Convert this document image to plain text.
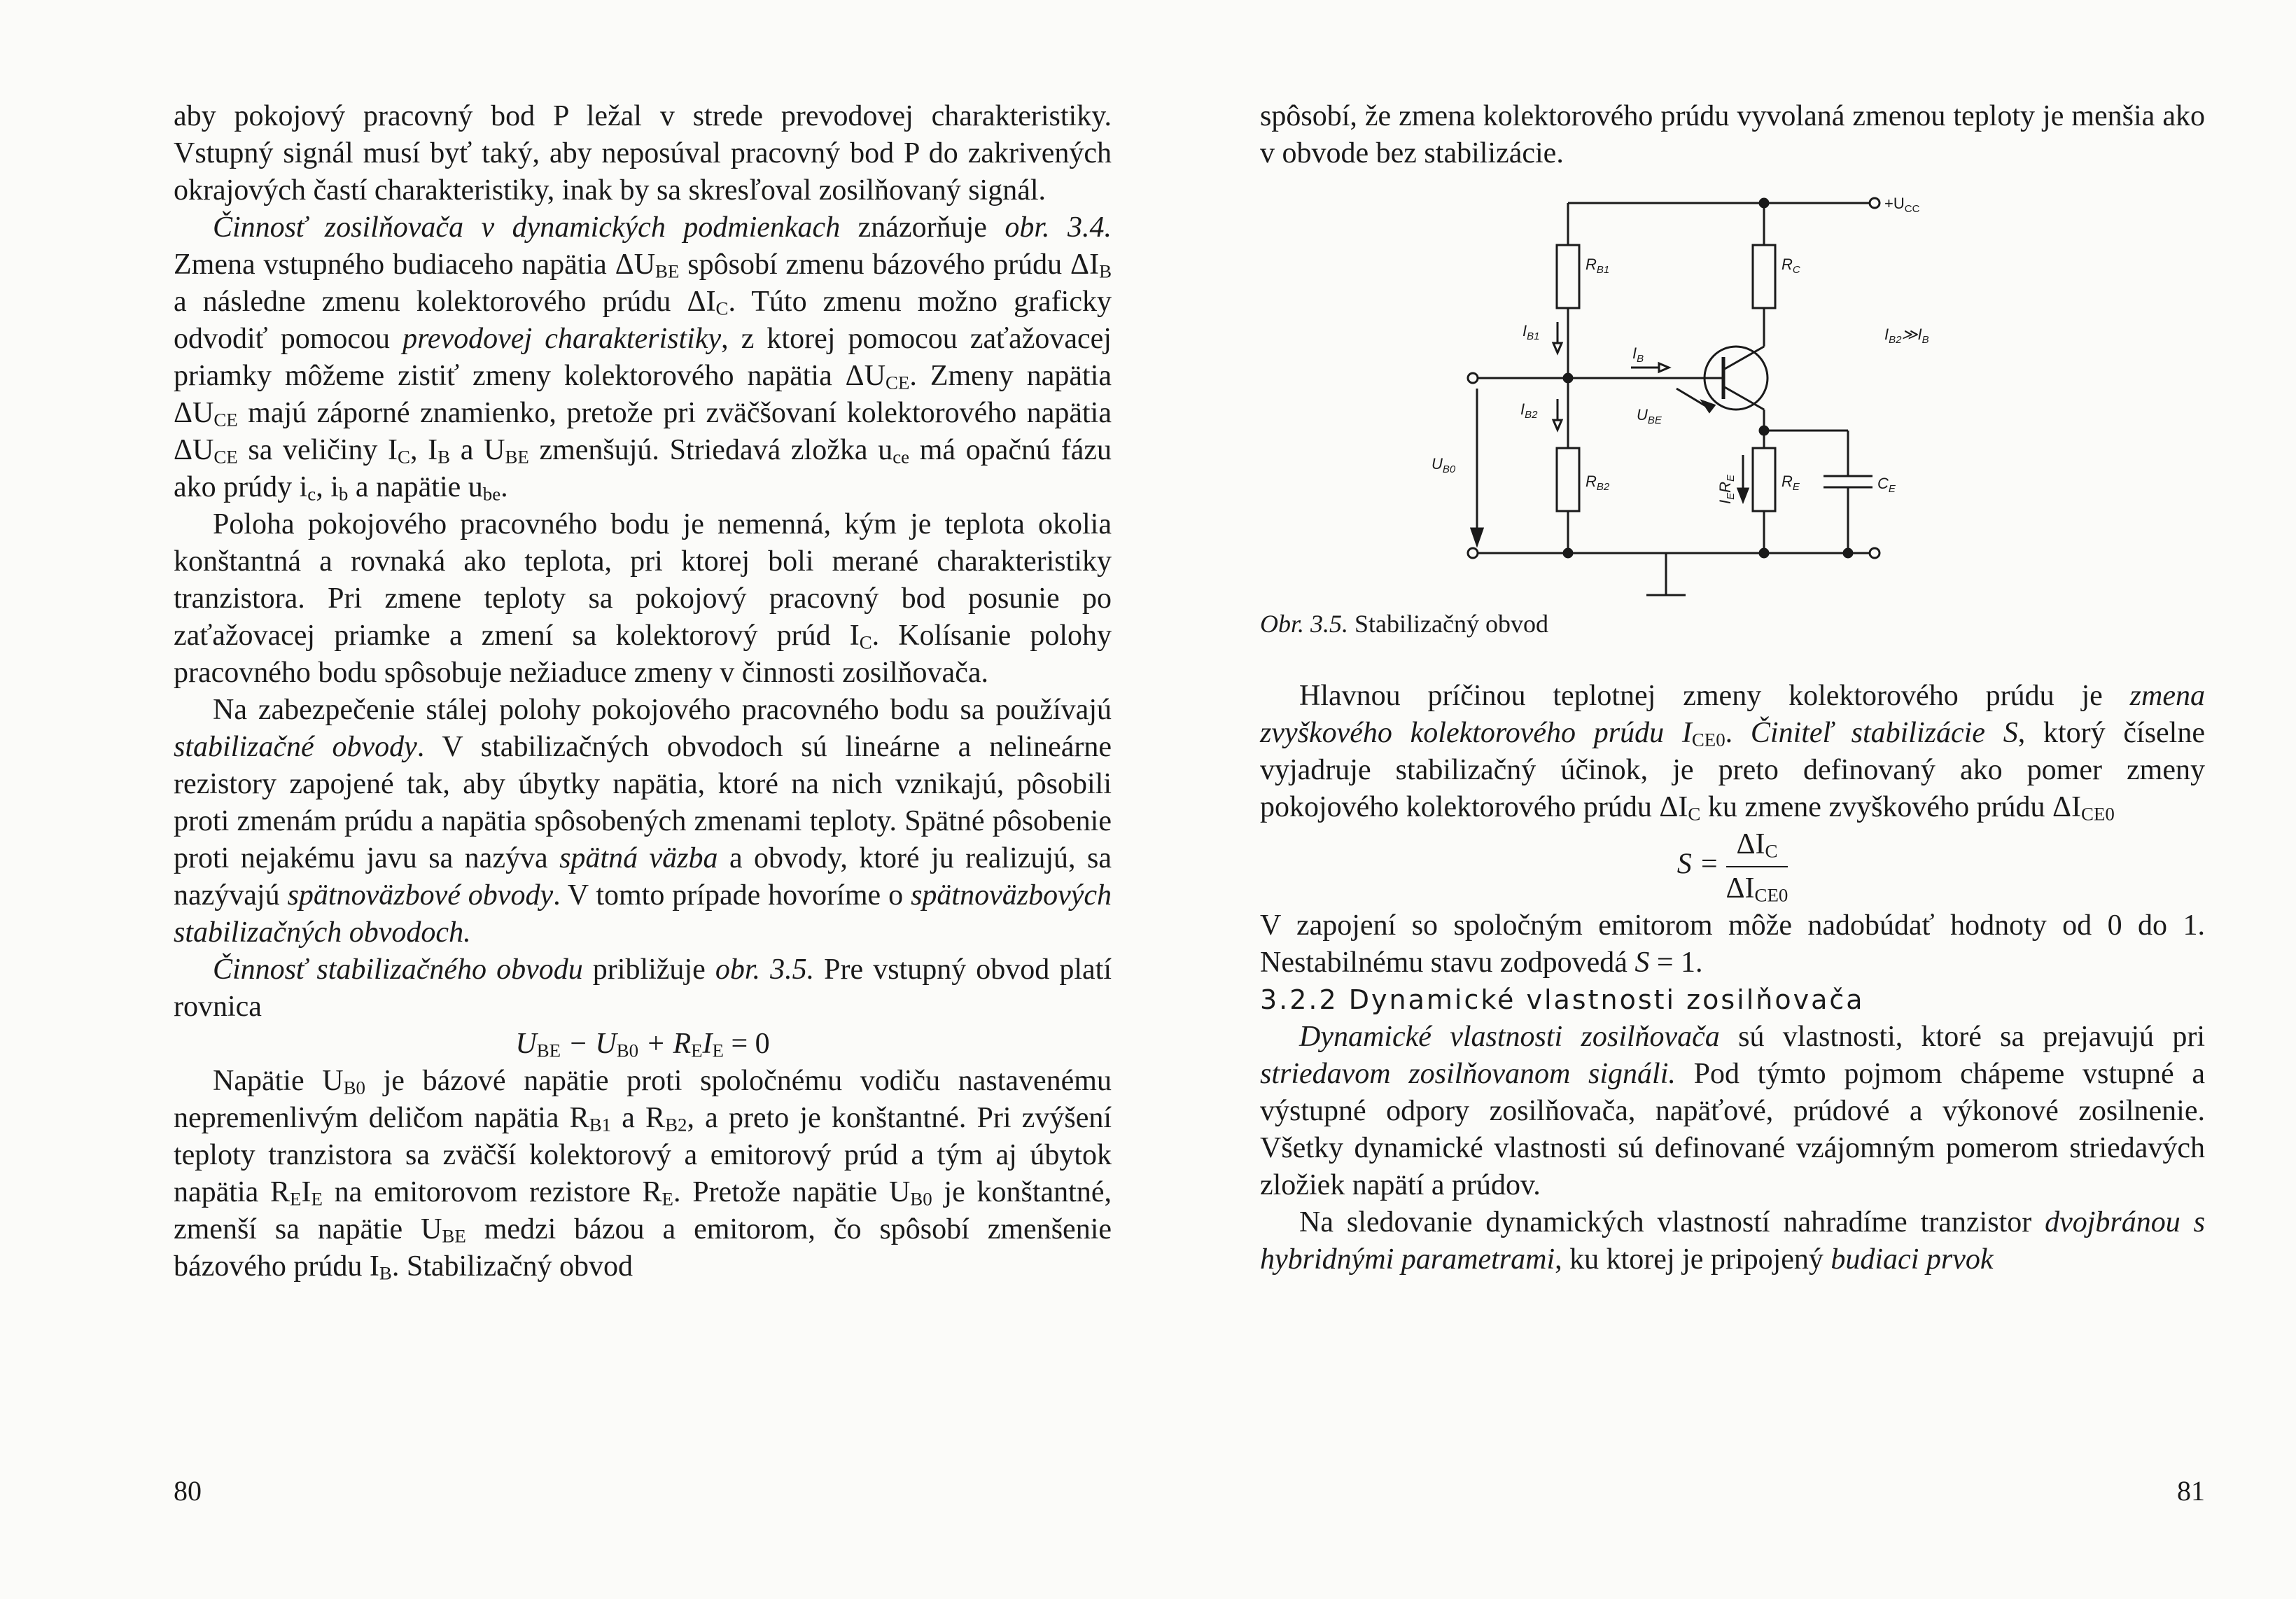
aby pokojový pracovný bod P ležal v strede prevodovej charakteristiky. Vstupný signál musí byť taký, aby neposúval pracovný bod P do zakrivených okrajových častí charakteristiky, inak by sa skresľoval zosilňovaný signál.

Činnosť zosilňovača v dynamických podmienkach znázorňuje obr. 3.4. Zmena vstupného budiaceho napätia $\Delta U_{BE}$ spôsobí zmenu bázového prúdu $\Delta I_B$ a následne zmenu kolektorového prúdu $\Delta I_C$. Túto zmenu možno graficky odvodiť pomocou prevodovej charakteristiky, z ktorej pomocou zaťažovacej priamky môžeme zistiť zmeny kolektorového napätia $\Delta U_{CE}$. Zmeny napätia $\Delta U_{CE}$ majú záporné znamienko, pretože pri zväčšovaní kolektorového napätia $\Delta U_{CE}$ sa veličiny $I_C$, $I_B$ a $U_{BE}$ zmenšujú. Striedavá zložka $u_{ce}$ má opačnú fázu ako prúdy $i_c$, $i_b$ a napätie $u_{be}$.

Poloha pokojového pracovného bodu je nemenná, kým je teplota okolia konštantná a rovnaká ako teplota, pri ktorej boli merané charakteristiky tranzistora. Pri zmene teploty sa pokojový pracovný bod posunie po zaťažovacej priamke a zmení sa kolektorový prúd $I_C$. Kolísanie polohy pracovného bodu spôsobuje nežiaduce zmeny v činnosti zosilňovača.

Na zabezpečenie stálej polohy pokojového pracovného bodu sa používajú stabilizačné obvody. V stabilizačných obvodoch sú lineárne a nelineárne rezistory zapojené tak, aby úbytky napätia, ktoré na nich vznikajú, pôsobili proti zmenám prúdu a napätia spôsobených zmenami teploty. Spätné pôsobenie proti nejakému javu sa nazýva spätná väzba a obvody, ktoré ju realizujú, sa nazývajú spätnoväzbové obvody. V tomto prípade hovoríme o spätnoväzbových stabilizačných obvodoch.

Činnosť stabilizačného obvodu približuje obr. 3.5. Pre vstupný obvod platí rovnica

$U_{BE} - U_{B0} + R_EI_E = 0$

Napätie $U_{B0}$ je bázové napätie proti spoločnému vodiču nastavenému nepremenlivým deličom napätia $R_{B1}$ a $R_{B2}$, a preto je konštantné. Pri zvýšení teploty tranzistora sa zväčší kolektorový a emitorový prúd a tým aj úbytok napätia $R_EI_E$ na emitorovom rezistore $R_E$. Pretože napätie $U_{B0}$ je konštantné, zmenší sa napätie $U_{BE}$ medzi bázou a emitorom, čo spôsobí zmenšenie bázového prúdu $I_B$. Stabilizačný obvod

80

spôsobí, že zmena kolektorového prúdu vyvolaná zmenou teploty je menšia ako v obvode bez stabilizácie.

$+U_{CC}$
$R_{B1}$	$R_C$
$I_{B1}$
$I_B$
$I_{B2}≫I_B$
$I_{B2}$	$U_{BE}$
$U_{B0}$
$R_{B2}$
$I_ER_E$	$R_E$	$C_E$
Obr. 3.5. Stabilizačný obvod

Hlavnou príčinou teplotnej zmeny kolektorového prúdu je zmena zvyškového kolektorového prúdu $I_{CE0}$. Činiteľ stabilizácie S, ktorý číselne vyjadruje stabilizačný účinok, je preto definovaný ako pomer zmeny pokojového kolektorového prúdu $\Delta I_C$ ku zmene zvyškového prúdu $\Delta I_{CE0}$

$S = \frac{\Delta I_C}{\Delta I_{CE0}}$

V zapojení so spoločným emitorom môže nadobúdať hodnoty od 0 do 1. Nestabilnému stavu zodpovedá S = 1.

3.2.2 Dynamické vlastnosti zosilňovača

Dynamické vlastnosti zosilňovača sú vlastnosti, ktoré sa prejavujú pri striedavom zosilňovanom signáli. Pod týmto pojmom chápeme vstupné a výstupné odpory zosilňovača, napäťové, prúdové a výkonové zosilnenie. Všetky dynamické vlastnosti sú definované vzájomným pomerom striedavých zložiek napätí a prúdov.

Na sledovanie dynamických vlastností nahradíme tranzistor dvojbránou s hybridnými parametrami, ku ktorej je pripojený budiaci prvok

81
